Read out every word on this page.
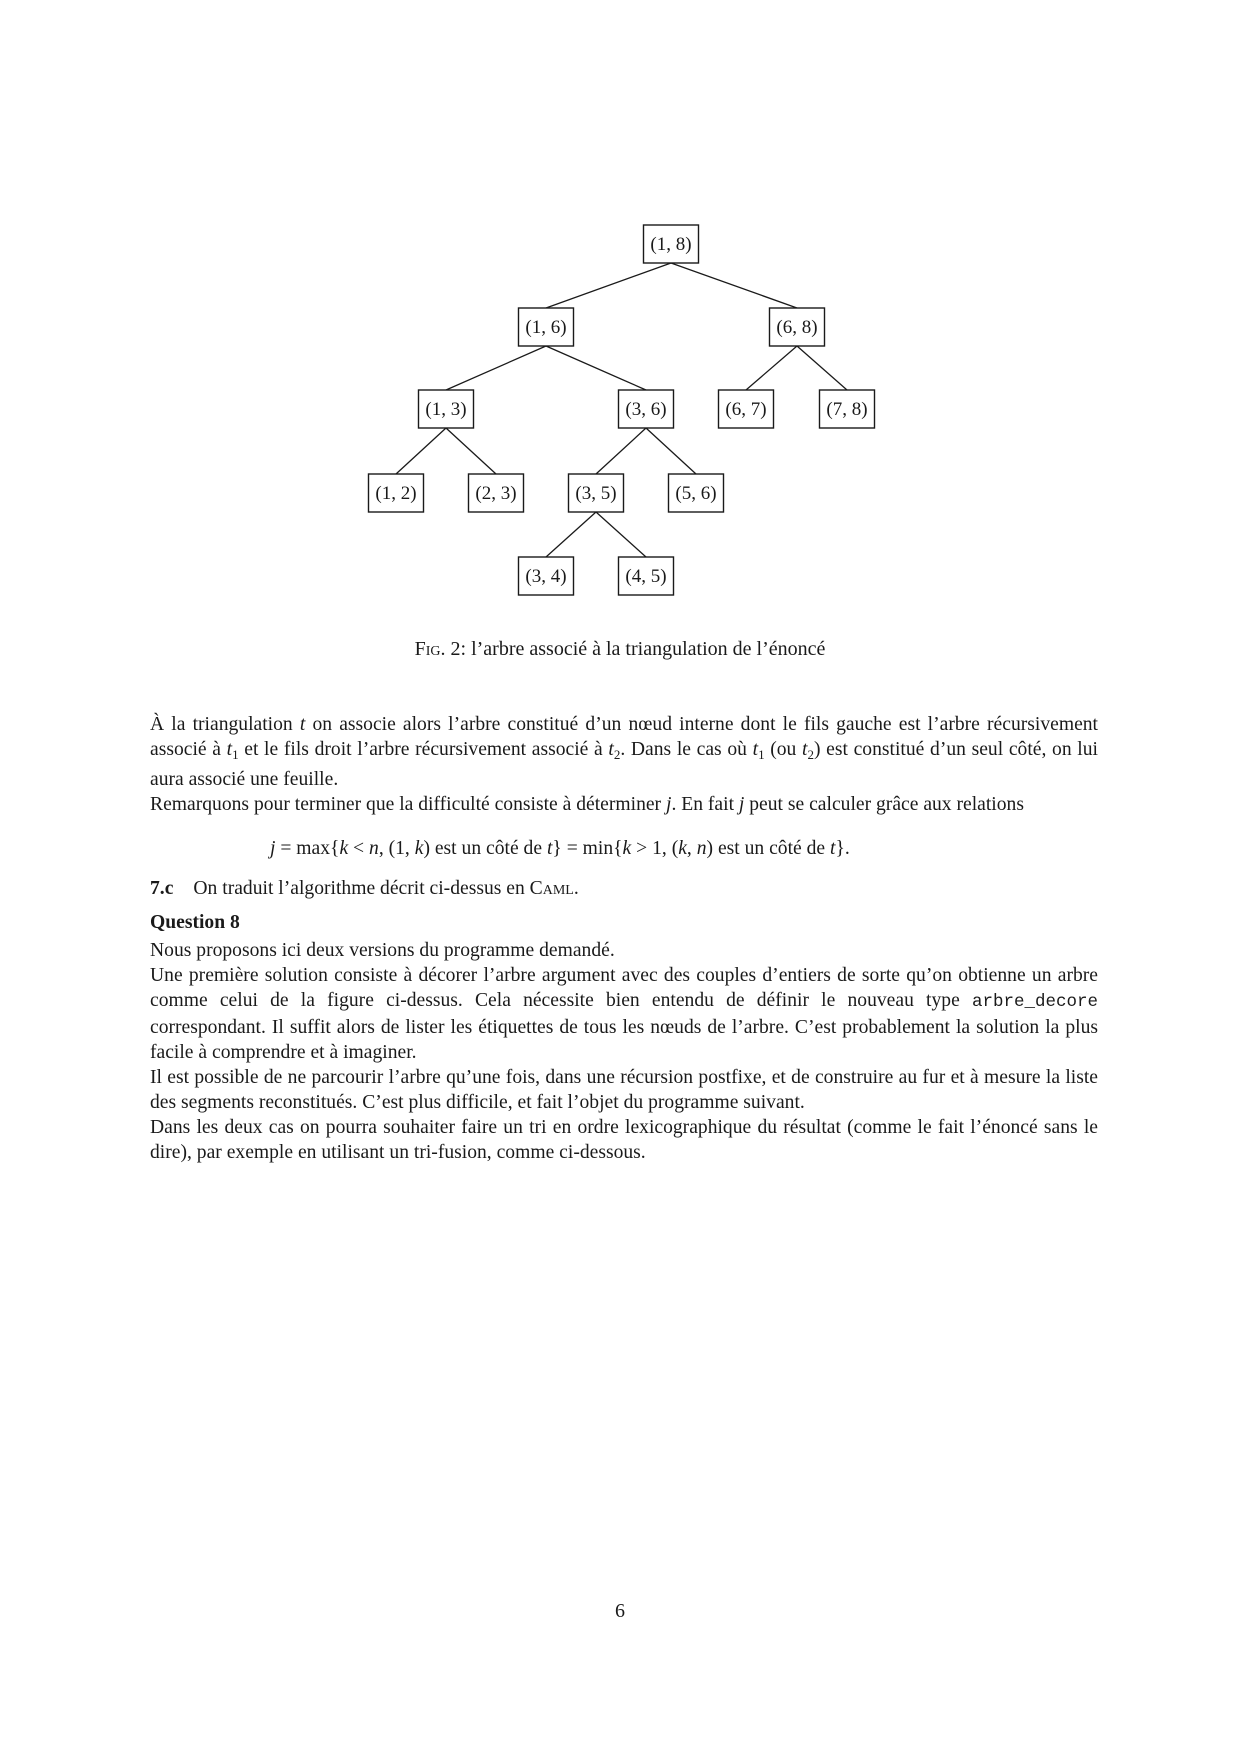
(1, 8)
(1, 6)	(6, 8)
(1, 3)	(3, 6)	(6, 7)	(7, 8)
(1, 2)	(2, 3)	(3, 5)	(5, 6)
(3, 4)	(4, 5)
Fig. 2: l’arbre associé à la triangulation de l’énoncé

À la triangulation t on associe alors l’arbre constitué d’un nœud interne dont le fils gauche est l’arbre récursivement associé à $t_1$ et le fils droit l’arbre récursivement associé à $t_2$. Dans le cas où $t_1$ (ou $t_2$) est constitué d’un seul côté, on lui aura associé une feuille.

Remarquons pour terminer que la difficulté consiste à déterminer j. En fait j peut se calculer grâce aux relations

j = max{k < n, (1, k) est un côté de t} = min{k > 1, (k, n) est un côté de t}.
7.c On traduit l’algorithme décrit ci-dessus en Caml.
Question 8

Nous proposons ici deux versions du programme demandé.

Une première solution consiste à décorer l’arbre argument avec des couples d’entiers de sorte qu’on obtienne un arbre comme celui de la figure ci-dessus. Cela nécessite bien entendu de définir le nouveau type arbre_decore correspondant. Il suffit alors de lister les étiquettes de tous les nœuds de l’arbre. C’est probablement la solution la plus facile à comprendre et à imaginer.

Il est possible de ne parcourir l’arbre qu’une fois, dans une récursion postfixe, et de construire au fur et à mesure la liste des segments reconstitués. C’est plus difficile, et fait l’objet du programme suivant.

Dans les deux cas on pourra souhaiter faire un tri en ordre lexicographique du résultat (comme le fait l’énoncé sans le dire), par exemple en utilisant un tri-fusion, comme ci-dessous.

6
